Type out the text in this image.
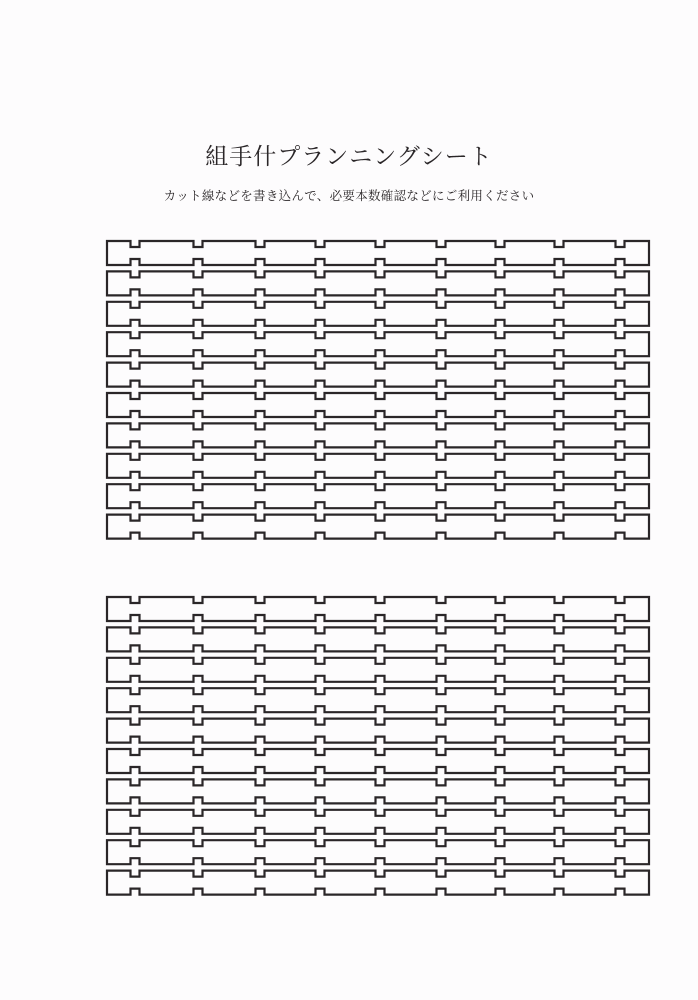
組手什プランニングシート
カット線などを書き込んで、必要本数確認などにご利用ください
